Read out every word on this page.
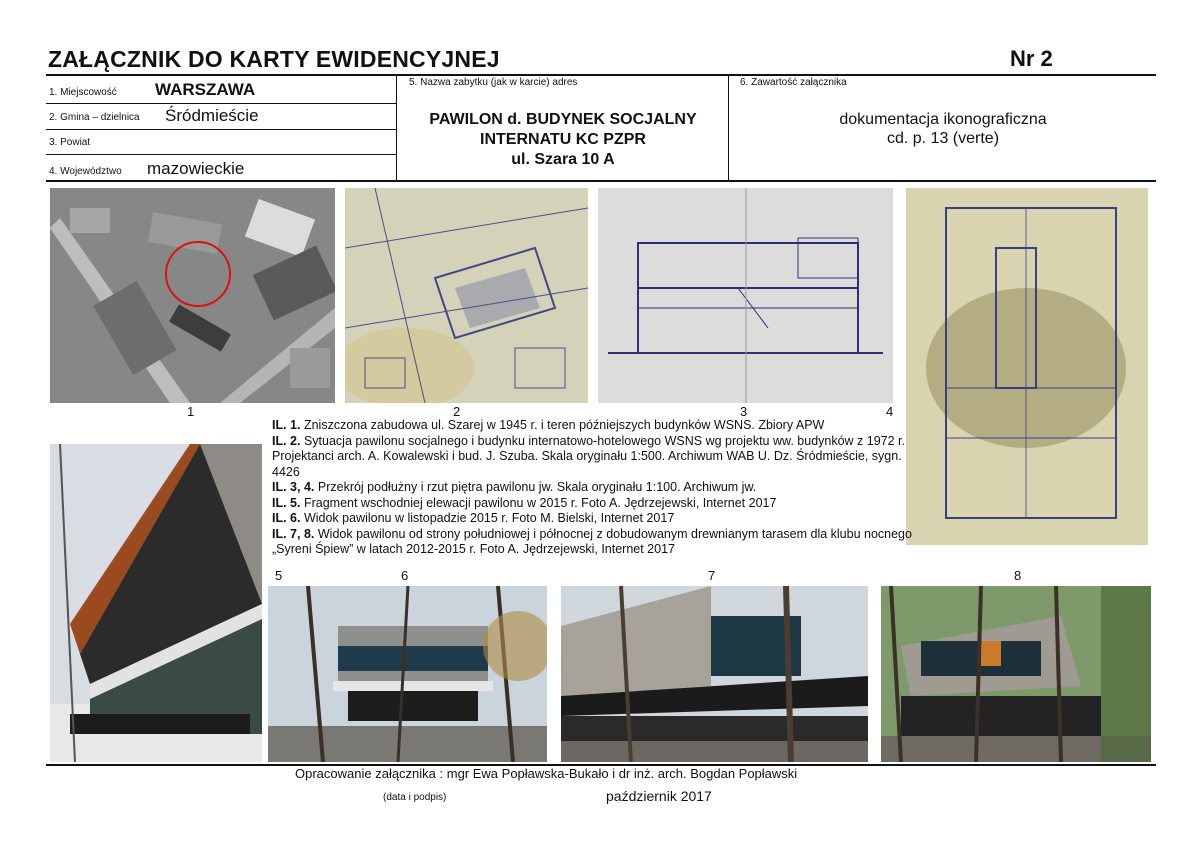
ZAŁĄCZNIK DO KARTY EWIDENCYJNEJ	Nr 2
1. Miejscowość WARSZAWA
2. Gmina – dzielnica Śródmieście
3. Powiat
4. Województwo mazowieckie
5. Nazwa zabytku (jak w karcie) adres
PAWILON d. BUDYNEK SOCJALNY
INTERNATU KC PZPR
ul. Szara 10 A
6. Zawartość załącznika
dokumentacja ikonograficzna
cd. p. 13 (verte)
1	2	3	4

IL. 1. Zniszczona zabudowa ul. Szarej w 1945 r. i teren późniejszych budynków WSNS. Zbiory APW

IL. 2. Sytuacja pawilonu socjalnego i budynku internatowo-hotelowego WSNS wg projektu ww. budynków z 1972 r. Projektanci arch. A. Kowalewski i bud. J. Szuba. Skala oryginału 1:500. Archiwum WAB U. Dz. Śródmieście, sygn. 4426

IL. 3, 4. Przekrój podłużny i rzut piętra pawilonu jw. Skala oryginału 1:100. Archiwum jw.

IL. 5. Fragment wschodniej elewacji pawilonu w 2015 r. Foto A. Jędrzejewski, Internet 2017

IL. 6. Widok pawilonu w listopadzie 2015 r. Foto M. Bielski, Internet 2017

IL. 7, 8. Widok pawilonu od strony południowej i północnej z dobudowanym drewnianym tarasem dla klubu nocnego „Syreni Śpiew” w latach 2012-2015 r. Foto A. Jędrzejewski, Internet 2017

5	6	7	8
Opracowanie załącznika : mgr Ewa Popławska-Bukało i dr inż. arch. Bogdan Popławski
(data i podpis)	październik 2017
